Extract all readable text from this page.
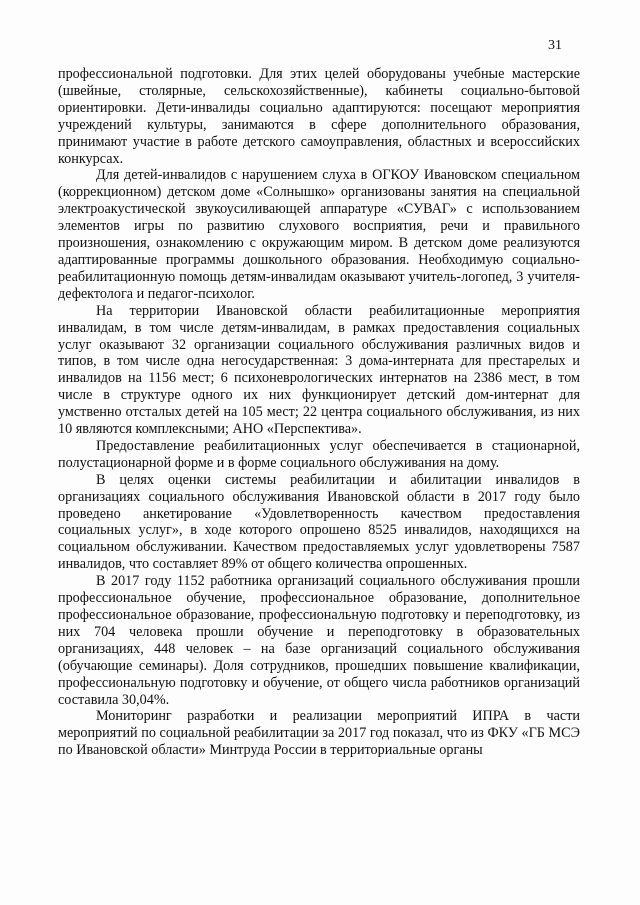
31

профессиональной подготовки. Для этих целей оборудованы учебные мастерские (швейные, столярные, сельскохозяйственные), кабинеты социально-бытовой ориентировки. Дети-инвалиды социально адаптируются: посещают мероприятия учреждений культуры, занимаются в сфере дополнительного образования, принимают участие в работе детского самоуправления, областных и всероссийских конкурсах.

Для детей-инвалидов с нарушением слуха в ОГКОУ Ивановском специальном (коррекционном) детском доме «Солнышко» организованы занятия на специальной электроакустической звукоусиливающей аппаратуре «СУВАГ» с использованием элементов игры по развитию слухового восприятия, речи и правильного произношения, ознакомлению с окружающим миром. В детском доме реализуются адаптированные программы дошкольного образования. Необходимую социально-реабилитационную помощь детям-инвалидам оказывают учитель-логопед, 3 учителя-дефектолога и педагог-психолог.

На территории Ивановской области реабилитационные мероприятия инвалидам, в том числе детям-инвалидам, в рамках предоставления социальных услуг оказывают 32 организации социального обслуживания различных видов и типов, в том числе одна негосударственная: 3 дома-интерната для престарелых и инвалидов на 1156 мест; 6 психоневрологических интернатов на 2386 мест, в том числе в структуре одного их них функционирует детский дом-интернат для умственно отсталых детей на 105 мест; 22 центра социального обслуживания, из них 10 являются комплексными; АНО «Перспектива».

Предоставление реабилитационных услуг обеспечивается в стационарной, полустационарной форме и в форме социального обслуживания на дому.

В целях оценки системы реабилитации и абилитации инвалидов в организациях социального обслуживания Ивановской области в 2017 году было проведено анкетирование «Удовлетворенность качеством предоставления социальных услуг», в ходе которого опрошено 8525 инвалидов, находящихся на социальном обслуживании. Качеством предоставляемых услуг удовлетворены 7587 инвалидов, что составляет 89% от общего количества опрошенных.

В 2017 году 1152 работника организаций социального обслуживания прошли профессиональное обучение, профессиональное образование, дополнительное профессиональное образование, профессиональную подготовку и переподготовку, из них 704 человека прошли обучение и переподготовку в образовательных организациях, 448 человек – на базе организаций социального обслуживания (обучающие семинары). Доля сотрудников, прошедших повышение квалификации, профессиональную подготовку и обучение, от общего числа работников организаций составила 30,04%.

Мониторинг разработки и реализации мероприятий ИПРА в части мероприятий по социальной реабилитации за 2017 год показал, что из ФКУ «ГБ МСЭ по Ивановской области» Минтруда России в территориальные органы
